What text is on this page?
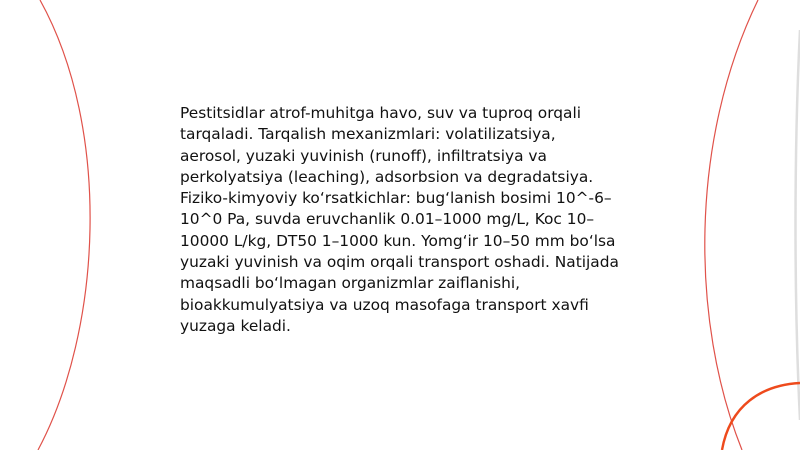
Pestitsidlar atrof-muhitga havo, suv va tuproq orqali tarqaladi. Tarqalish mexanizmlari: volatilizatsiya, aerosol, yuzaki yuvinish (runoff), infiltratsiya va perkolyatsiya (leaching), adsorbsion va degradatsiya. Fiziko-kimyoviy ko‘rsatkichlar: bug‘lanish bosimi 10^-6–10^0 Pa, suvda eruvchanlik 0.01–1000 mg/L, Koc 10–10000 L/kg, DT50 1–1000 kun. Yomg‘ir 10–50 mm bo‘lsa yuzaki yuvinish va oqim orqali transport oshadi. Natijada maqsadli bo‘lmagan organizmlar zaiflanishi, bioakkumulyatsiya va uzoq masofaga transport xavfi yuzaga keladi.
